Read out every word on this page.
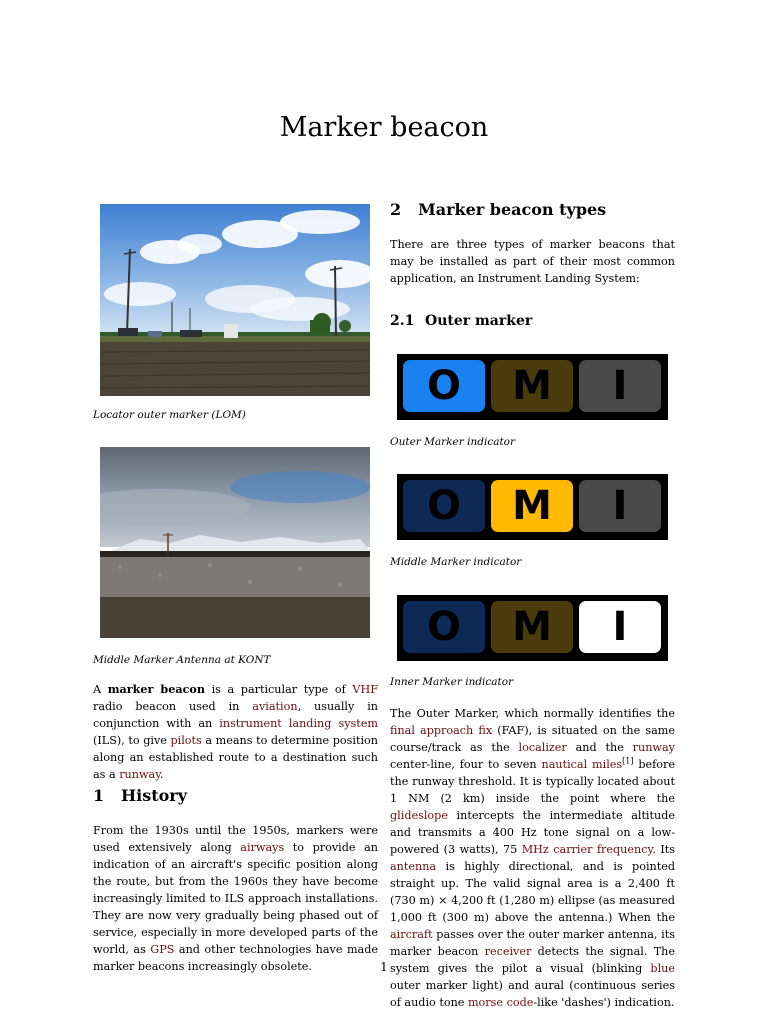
Marker beacon
Locator outer marker (LOM)
Middle Marker Antenna at KONT
A marker beacon is a particular type of VHF radio beacon used in aviation, usually in conjunction with an instrument landing system (ILS), to give pilots a means to determine position along an established route to a destination such as a runway.
1 History
From the 1930s until the 1950s, markers were used extensively along airways to provide an indication of an aircraft's specific position along the route, but from the 1960s they have become increasingly limited to ILS approach installations. They are now very gradually being phased out of service, especially in more developed parts of the world, as GPS and other technologies have made marker beacons increasingly obsolete.
2 Marker beacon types
There are three types of marker beacons that may be installed as part of their most common application, an Instrument Landing System:
2.1 Outer marker
O	M	I
Outer Marker indicator
O	M	I
Middle Marker indicator
O	M	I
Inner Marker indicator
The Outer Marker, which normally identifies the final approach fix (FAF), is situated on the same course/track as the localizer and the runway center-line, four to seven nautical miles[1] before the runway threshold. It is typically located about 1 NM (2 km) inside the point where the glideslope intercepts the intermediate altitude and transmits a 400 Hz tone signal on a low-powered (3 watts), 75 MHz carrier frequency. Its antenna is highly directional, and is pointed straight up. The valid signal area is a 2,400 ft (730 m) × 4,200 ft (1,280 m) ellipse (as measured 1,000 ft (300 m) above the antenna.) When the aircraft passes over the outer marker antenna, its marker beacon receiver detects the signal. The system gives the pilot a visual (blinking blue outer marker light) and aural (continuous series of audio tone morse code-like 'dashes') indication.
1
